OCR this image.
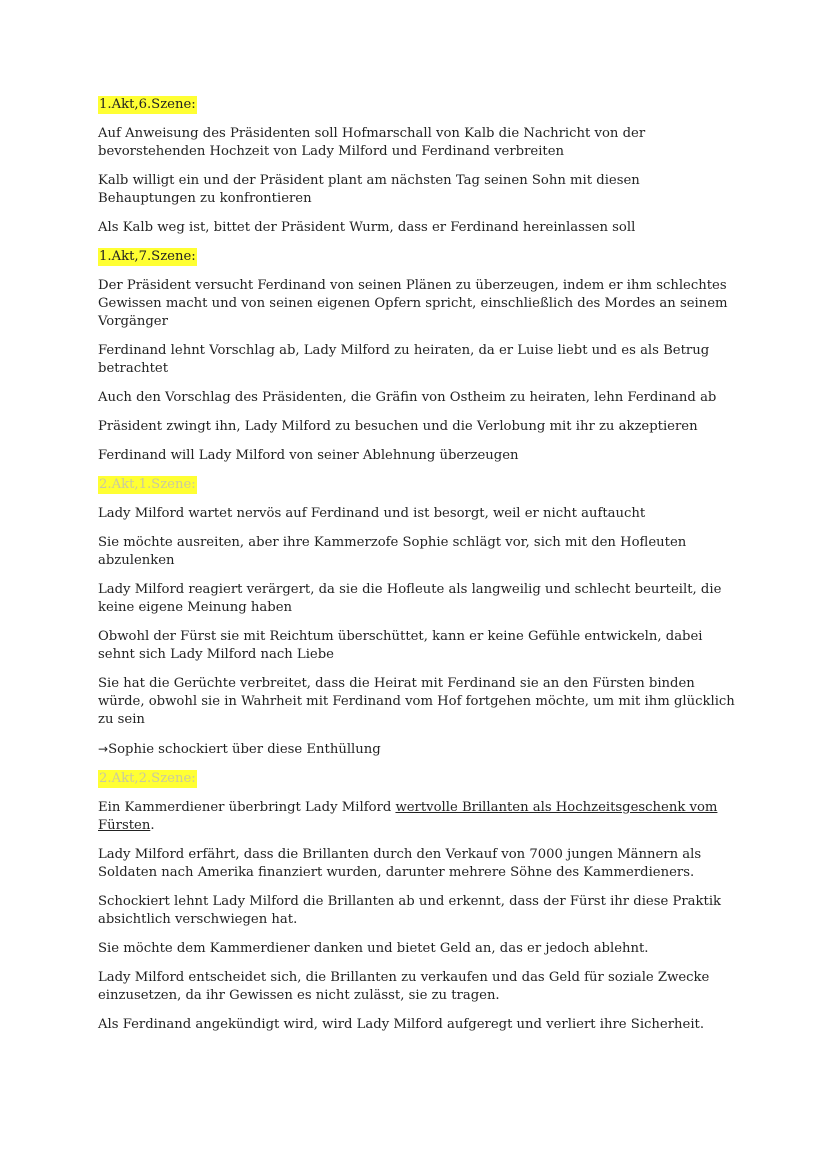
1.Akt,6.Szene:

Auf Anweisung des Präsidenten soll Hofmarschall von Kalb die Nachricht von der bevorstehenden Hochzeit von Lady Milford und Ferdinand verbreiten

Kalb willigt ein und der Präsident plant am nächsten Tag seinen Sohn mit diesen Behauptungen zu konfrontieren

Als Kalb weg ist, bittet der Präsident Wurm, dass er Ferdinand hereinlassen soll

1.Akt,7.Szene:

Der Präsident versucht Ferdinand von seinen Plänen zu überzeugen, indem er ihm schlechtes Gewissen macht und von seinen eigenen Opfern spricht, einschließlich des Mordes an seinem Vorgänger

Ferdinand lehnt Vorschlag ab, Lady Milford zu heiraten, da er Luise liebt und es als Betrug betrachtet

Auch den Vorschlag des Präsidenten, die Gräfin von Ostheim zu heiraten, lehn Ferdinand ab

Präsident zwingt ihn, Lady Milford zu besuchen und die Verlobung mit ihr zu akzeptieren

Ferdinand will Lady Milford von seiner Ablehnung überzeugen

2.Akt,1.Szene:

Lady Milford wartet nervös auf Ferdinand und ist besorgt, weil er nicht auftaucht

Sie möchte ausreiten, aber ihre Kammerzofe Sophie schlägt vor, sich mit den Hofleuten abzulenken

Lady Milford reagiert verärgert, da sie die Hofleute als langweilig und schlecht beurteilt, die keine eigene Meinung haben

Obwohl der Fürst sie mit Reichtum überschüttet, kann er keine Gefühle entwickeln, dabei sehnt sich Lady Milford nach Liebe

Sie hat die Gerüchte verbreitet, dass die Heirat mit Ferdinand sie an den Fürsten binden würde, obwohl sie in Wahrheit mit Ferdinand vom Hof fortgehen möchte, um mit ihm glücklich zu sein

→Sophie schockiert über diese Enthüllung

2.Akt,2.Szene:

Ein Kammerdiener überbringt Lady Milford wertvolle Brillanten als Hochzeitsgeschenk vom Fürsten.

Lady Milford erfährt, dass die Brillanten durch den Verkauf von 7000 jungen Männern als Soldaten nach Amerika finanziert wurden, darunter mehrere Söhne des Kammerdieners.

Schockiert lehnt Lady Milford die Brillanten ab und erkennt, dass der Fürst ihr diese Praktik absichtlich verschwiegen hat.

Sie möchte dem Kammerdiener danken und bietet Geld an, das er jedoch ablehnt.

Lady Milford entscheidet sich, die Brillanten zu verkaufen und das Geld für soziale Zwecke einzusetzen, da ihr Gewissen es nicht zulässt, sie zu tragen.

Als Ferdinand angekündigt wird, wird Lady Milford aufgeregt und verliert ihre Sicherheit.
